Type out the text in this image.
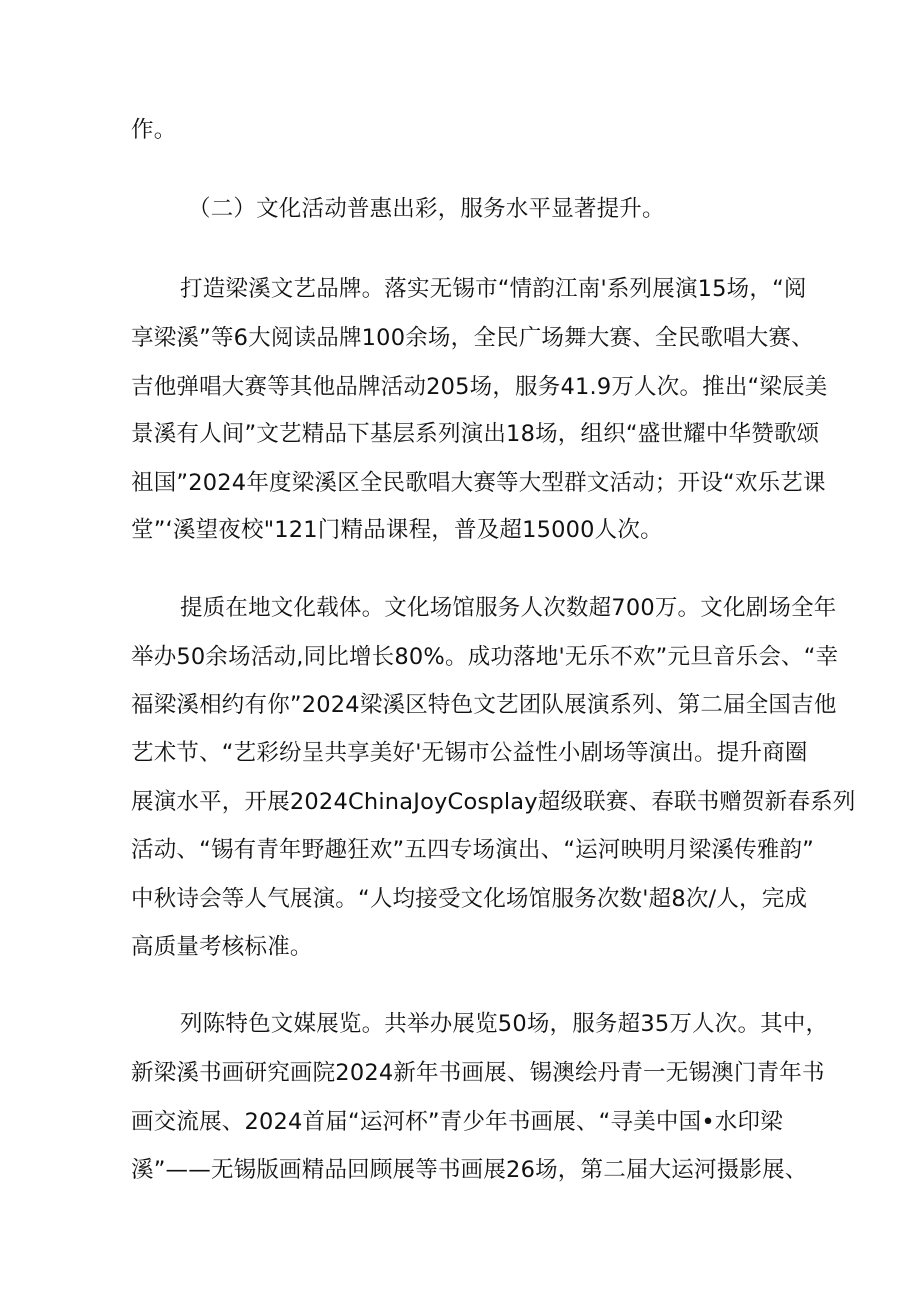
作。
（二）文化活动普惠出彩，服务水平显著提升。
打造梁溪文艺品牌。落实无锡市“情韵江南'系列展演15场，“阅
享梁溪”等6大阅读品牌100余场，全民广场舞大赛、全民歌唱大赛、
吉他弹唱大赛等其他品牌活动205场，服务41.9万人次。推出“梁辰美
景溪有人间”文艺精品下基层系列演出18场，组织“盛世耀中华赞歌颂
祖国”2024年度梁溪区全民歌唱大赛等大型群文活动；开设“欢乐艺课
堂”‘溪望夜校"121门精品课程，普及超15000人次。
提质在地文化载体。文化场馆服务人次数超700万。文化剧场全年
举办50余场活动,同比增长80%。成功落地'无乐不欢”元旦音乐会、“幸
福梁溪相约有你”2024梁溪区特色文艺团队展演系列、第二届全国吉他
艺术节、“艺彩纷呈共享美好'无锡市公益性小剧场等演出。提升商圈
展演水平，开展2024ChinaJoyCosplay超级联赛、春联书赠贺新春系列
活动、“锡有青年野趣狂欢”五四专场演出、“运河映明月梁溪传雅韵”
中秋诗会等人气展演。“人均接受文化场馆服务次数'超8次/人，完成
高质量考核标准。
列陈特色文媒展览。共举办展览50场，服务超35万人次。其中，
新梁溪书画研究画院2024新年书画展、锡澳绘丹青一无锡澳门青年书
画交流展、2024首届“运河杯”青少年书画展、“寻美中国•水印梁
溪”——无锡版画精品回顾展等书画展26场，第二届大运河摄影展、
